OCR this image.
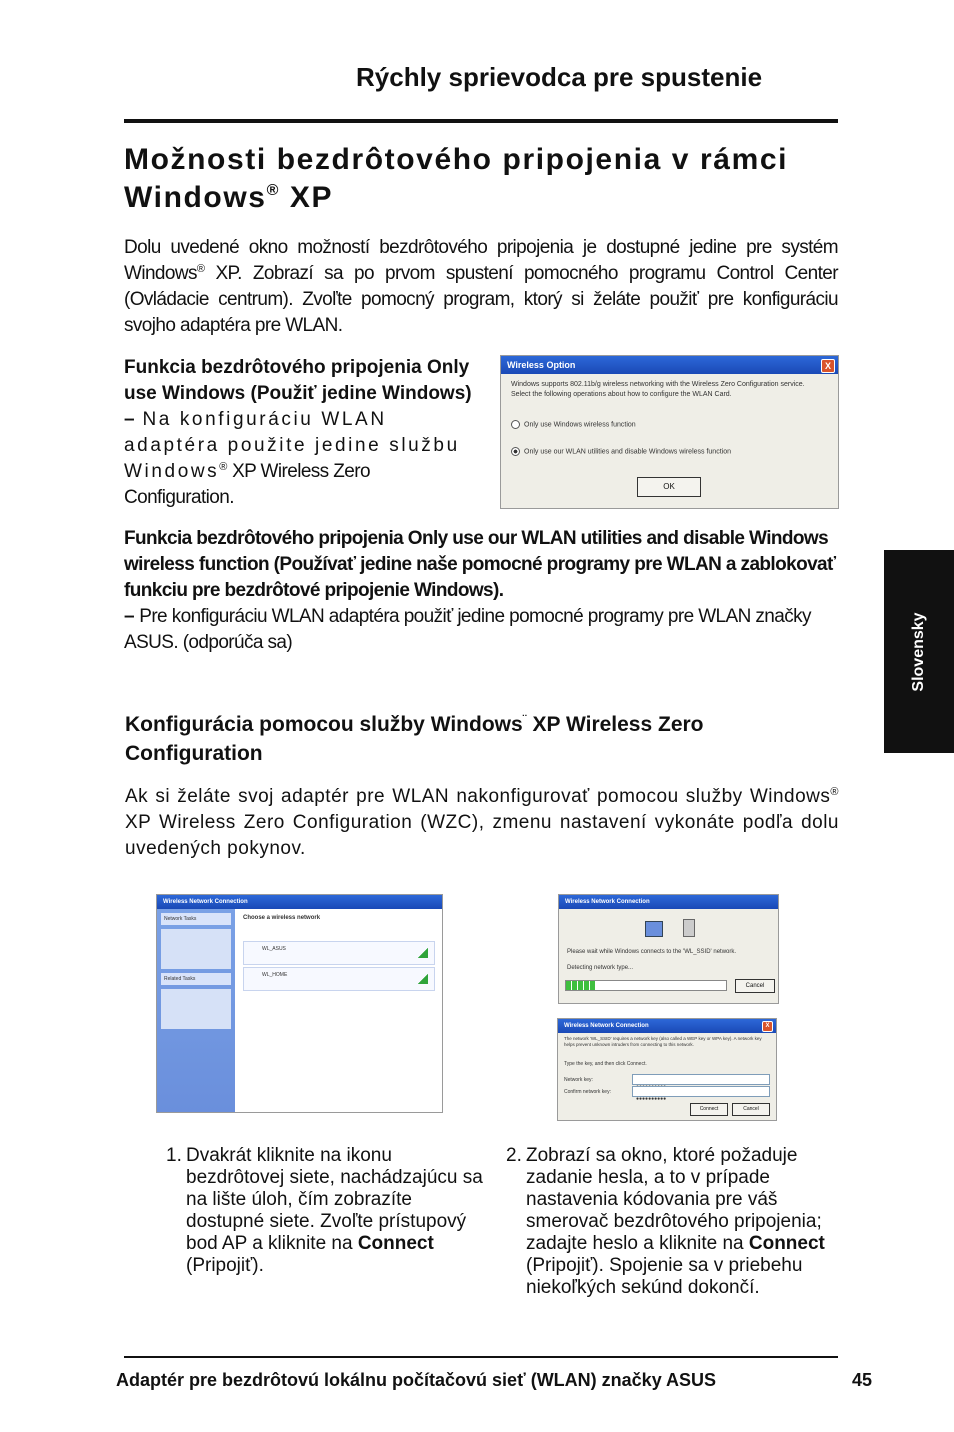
Rýchly sprievodca pre spustenie
Možnosti bezdrôtového pripojenia v rámci
Windows® XP
Dolu uvedené okno možností bezdrôtového pripojenia je dostupné jedine pre systém Windows® XP. Zobrazí sa po prvom spustení pomocného programu Control Center (Ovládacie centrum). Zvoľte pomocný program, ktorý si želáte použiť pre konfiguráciu svojho adaptéra pre WLAN.
Funkcia bezdrôtového pripojenia Only use Windows (Použiť jedine Windows) – Na konfiguráciu WLAN adaptéra použite jedine službu Windows® XP Wireless Zero Configuration.
Wireless Option	X
Windows supports 802.11b/g wireless networking with the Wireless Zero Configuration service. Select the following operations about how to configure the WLAN Card.
Only use Windows wireless function
Only use our WLAN utilities and disable Windows wireless function
OK
Funkcia bezdrôtového pripojenia Only use our WLAN utilities and disable Windows wireless function (Používať jedine naše pomocné programy pre WLAN a zablokovať funkciu pre bezdrôtové pripojenie Windows).
– Pre konfiguráciu WLAN adaptéra použiť jedine pomocné programy pre WLAN značky ASUS. (odporúča sa)	Slovensky
Konfigurácia pomocou služby Windows¨ XP Wireless Zero Configuration
Ak si želáte svoj adaptér pre WLAN nakonfigurovať pomocou služby Windows® XP Wireless Zero Configuration (WZC), zmenu nastavení vykonáte podľa dolu uvedených pokynov.
Wireless Network Connection
Network Tasks
Related Tasks
Choose a wireless network
WL_ASUS
WL_HOME
Wireless Network Connection
Please wait while Windows connects to the 'WL_SSID' network.
Detecting network type...
Cancel
Wireless Network Connection	X
The network 'WL_SSID' requires a network key (also called a WEP key or WPA key). A network key helps prevent unknown intruders from connecting to this network.
Type the key, and then click Connect.
Network key:
Confirm network key:
●●●●●●●●●●
Connect	Cancel
1. Dvakrát kliknite na ikonu bezdrôtovej siete, nachádzajúcu sa na lište úloh, čím zobrazíte dostupné siete. Zvoľte prístupový bod AP a kliknite na Connect (Pripojiť).
2. Zobrazí sa okno, ktoré požaduje zadanie hesla, a to v prípade nastavenia kódovania pre váš smerovač bezdrôtového pripojenia; zadajte heslo a kliknite na Connect (Pripojiť). Spojenie sa v priebehu niekoľkých sekúnd dokončí.
Adaptér pre bezdrôtovú lokálnu počítačovú sieť (WLAN) značky ASUS	45
